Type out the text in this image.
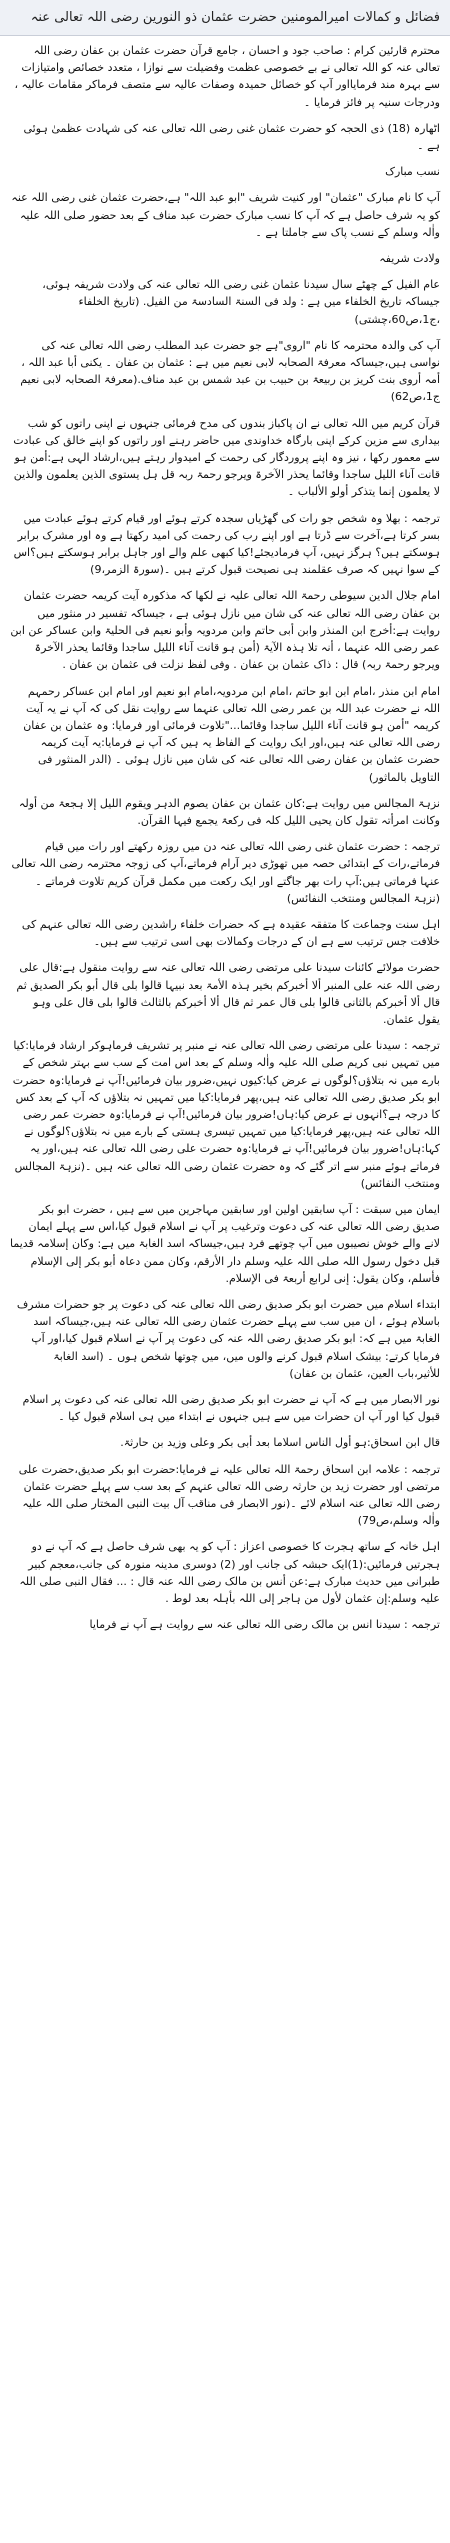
فضائل و کمالات امیرالمومنین حضرت عثمان ذو النورین رضی اللہ تعالی عنہ

محترم قارئین کرام : صاحب جود و احسان ، جامع قرآن حضرت عثمان بن عفان رضی اللہ تعالی عنہ کو اللہ تعالی نے بے خصوصی عظمت وفضیلت سے نوازا ، متعدد خصائص وامتیازات سے بہرہ مند فرمایااور آپ کو خصائل حمیدہ وصفات عالیہ سے متصف فرماکر مقامات عالیہ ، ودرجات سنیہ پر فائز فرمایا ۔

اٹھارہ (18) ذی الحجہ کو حضرت عثمان غنی رضی اللہ تعالی عنہ کی شہادت عظمیٰ ہوئی ہے ۔

نسب مبارک

آپ کا نام مبارک "عثمان" اور کنیت شریف "ابو عبد اللہ" ہے،حضرت عثمان غنی رضی اللہ عنہ کو یہ شرف حاصل ہے کہ آپ کا نسب مبارک حضرت عبد مناف کے بعد حضور صلی اللہ علیہ واٰلہ وسلم کے نسب پاک سے جاملتا ہے ۔

ولادت شریفہ

عام الفیل کے چھٹے سال سیدنا عثمان غنی رضی اللہ تعالی عنہ کی ولادت شریفہ ہوئی، جیساکہ تاریخ الخلفاء میں ہے : ولد فی السنۃ السادسۃ من الفیل. (تاریخ الخلفاء ،ج1،ص60،چشتی)

آپ کی والدہ محترمہ کا نام "اروی"ہے جو حضرت عبد المطلب رضی اللہ تعالی عنہ کی نواسی ہیں،جیساکہ معرفۃ الصحابہ لابی نعیم میں ہے : عثمان بن عفان ۔ یکنی أبا عبد اللہ ، أمہ أروی بنت کریز بن ربیعۃ بن حبیب بن عبد شمس بن عبد مناف.(معرفۃ الصحابہ لابی نعیم ج1،ص62)

قرآن کریم میں اللہ تعالی نے ان پاکباز بندوں کی مدح فرمائی جنہوں نے اپنی راتوں کو شب بیداری سے مزین کرکے اپنی بارگاہ خداوندی میں حاضر رہنے اور راتوں کو اپنے خالق کی عبادت سے معمور رکھا ، نیز وہ اپنے پروردگار کی رحمت کے امیدوار رہتے ہیں،ارشاد الہی ہے:أمن ہو قانت آناء اللیل ساجدا وقائما یحذر الآخرۃ ویرجو رحمۃ ربہ قل ہل یستوی الذین یعلمون والذین لا یعلمون إنما یتذکر أولو الألباب ۔

ترجمہ : بھلا وہ شخص جو رات کی گھڑیاں سجدہ کرتے ہوئے اور قیام کرتے ہوئے عبادت میں بسر کرتا ہے،آخرت سے ڈرتا ہے اور اپنے رب کی رحمت کی امید رکھتا ہے وہ اور مشرک برابر ہوسکتے ہیں؟ ہرگز نہیں، آپ فرمادیجئے!کیا کبھی علم والے اور جاہل برابر ہوسکتے ہیں؟اس کے سوا نہیں کہ صرف عقلمند ہی نصیحت قبول کرتے ہیں ۔(سورۃ الزمر،9)

امام جلال الدین سیوطی رحمۃ اللہ تعالی علیہ نے لکھا کہ مذکورہ آیت کریمہ حضرت عثمان بن عفان رضی اللہ تعالی عنہ کی شان میں نازل ہوئی ہے ، جیساکہ تفسیر در منثور میں روایت ہے:أخرج ابن المنذر وابن أبی حاتم وابن مردویہ وأبو نعیم فی الحلیۃ وابن عساکر عن ابن عمر رضی اللہ عنہما ، أنہ تلا ہذہ الآیۃ (أمن ہو قانت آناء اللیل ساجدا وقائما یحذر الآخرۃ ویرجو رحمۃ ربہ) قال : ذاک عثمان بن عفان . وفی لفظ نزلت فی عثمان بن عفان .

امام ابن منذر ،امام ابن ابو حاتم ،امام ابن مردویہ،امام ابو نعیم اور امام ابن عساکر رحمہم اللہ نے حضرت عبد اللہ بن عمر رضی اللہ تعالی عنہما سے روایت نقل کی کہ آپ نے یہ آیت کریمہ "أمن ہو قانت آناء اللیل ساجدا وقائما..."تلاوت فرمائی اور فرمایا: وہ عثمان بن عفان رضی اللہ تعالی عنہ ہیں،اور ایک روایت کے الفاظ یہ ہیں کہ آپ نے فرمایا:یہ آیت کریمہ حضرت عثمان بن عفان رضی اللہ تعالی عنہ کی شان میں نازل ہوئی ۔ (الدر المنثور فی التاویل بالماثور)

نزہۃ المجالس میں روایت ہے:کان عثمان بن عفان یصوم الدہر ویقوم اللیل إلا ہجعۃ من أولہ وکانت امرأتہ تقول کان یحیی اللیل کلہ فی رکعۃ یجمع فیہا القرآن.

ترجمہ : حضرت عثمان غنی رضی اللہ تعالی عنہ دن میں روزہ رکھتے اور رات میں قیام فرماتے،رات کے ابتدائی حصہ میں تھوڑی دیر آرام فرماتے،آپ کی زوجہ محترمہ رضی اللہ تعالی عنہا فرماتی ہیں:آپ رات بھر جاگتے اور ایک رکعت میں مکمل قرآن کریم تلاوت فرماتے ۔(نزہۃ المجالس ومنتخب النفائس)

اہل سنت وجماعت کا متفقہ عقیدہ ہے کہ حضرات خلفاء راشدین رضی اللہ تعالی عنہم کی خلافت جس ترتیب سے ہے ان کے درجات وکمالات بھی اسی ترتیب سے ہیں۔

حضرت مولائے کائنات سیدنا علی مرتضی رضی اللہ تعالی عنہ سے روایت منقول ہے:قال علی رضی اللہ عنہ علی المنبر ألا أخبرکم بخیر ہذہ الأمۃ بعد نبیہا قالوا بلی قال أبو بکر الصدیق ثم قال ألا أخبرکم بالثانی قالوا بلی قال عمر ثم قال ألا أخبرکم بالثالث قالوا بلی قال علی وہو یقول عثمان.

ترجمہ : سیدنا علی مرتضی رضی اللہ تعالی عنہ نے منبر پر تشریف فرماہوکر ارشاد فرمایا:کیا میں تمہیں نبی کریم صلی اللہ علیہ واٰلہ وسلم کے بعد اس امت کے سب سے بہتر شخص کے بارے میں نہ بتلاؤں؟لوگوں نے عرض کیا:کیوں نہیں،ضرور بیان فرمائیں!آپ نے فرمایا:وہ حضرت ابو بکر صدیق رضی اللہ تعالی عنہ ہیں،پھر فرمایا:کیا میں تمہیں نہ بتلاؤں کہ آپ کے بعد کس کا درجہ ہے؟انہوں نے عرض کیا:ہاں!ضرور بیان فرمائیں!آپ نے فرمایا:وہ حضرت عمر رضی اللہ تعالی عنہ ہیں،پھر فرمایا:کیا میں تمہیں تیسری ہستی کے بارے میں نہ بتلاؤں؟لوگوں نے کہا:ہاں!ضرور بیان فرمائیں!آپ نے فرمایا:وہ حضرت علی رضی اللہ تعالی عنہ ہیں،اور یہ فرماتے ہوئے منبر سے اتر گئے کہ وہ حضرت عثمان رضی اللہ تعالی عنہ ہیں ۔(نزہۃ المجالس ومنتخب النفائس)

ایمان میں سبقت : آپ سابقین اولین اور سابقین مہاجرین میں سے ہیں ، حضرت ابو بکر صدیق رضی اللہ تعالی عنہ کی دعوت وترغیب پر آپ نے اسلام قبول کیا،اس سے پہلے ایمان لانے والے خوش نصیبوں میں آپ چوتھے فرد ہیں،جیساکہ اسد الغابۃ میں ہے: وکان إسلامہ قدیما قبل دخول رسول اللہ صلی اللہ علیہ وسلم دار الأرقم، وکان ممن دعاہ أبو بکر إلی الإسلام فأسلم، وکان یقول: إنی لرابع أربعۃ فی الإسلام.

ابتداء اسلام میں حضرت ابو بکر صدیق رضی اللہ تعالی عنہ کی دعوت پر جو حضرات مشرف باسلام ہوئے ، ان میں سب سے پہلے حضرت عثمان رضی اللہ تعالی عنہ ہیں،جیساکہ اسد الغابۃ میں ہے کہ: ابو بکر صدیق رضی اللہ عنہ کی دعوت پر آپ نے اسلام قبول کیا،اور آپ فرمایا کرتے: بیشک اسلام قبول کرنے والوں میں، میں چوتھا شخص ہوں ۔ (اسد الغابۃ للأثیر،باب العین، عثمان بن عفان)

نور الابصار میں ہے کہ آپ نے حضرت ابو بکر صدیق رضی اللہ تعالی عنہ کی دعوت پر اسلام قبول کیا اور آپ ان حضرات میں سے ہیں جنہوں نے ابتداء میں ہی اسلام قبول کیا ۔

قال ابن اسحاق:ہو أول الناس اسلاما بعد أبی بکر وعلی وزید بن حارثۃ.

ترجمہ : علامہ ابن اسحاق رحمۃ اللہ تعالی علیہ نے فرمایا:حضرت ابو بکر صدیق،حضرت علی مرتضی اور حضرت زید بن حارثہ رضی اللہ تعالی عنہم کے بعد سب سے پہلے حضرت عثمان رضی اللہ تعالی عنہ اسلام لائے ۔(نور الابصار فی مناقب آل بیت النبی المختار صلی اللہ علیہ واٰلہ وسلم،ص79)

اہل خانہ کے ساتھ ہجرت کا خصوصی اعزاز : آپ کو یہ بھی شرف حاصل ہے کہ آپ نے دو ہجرتیں فرمائیں:(1)ایک حبشہ کی جانب اور (2) دوسری مدینہ منورہ کی جانب،معجم کبیر طبرانی میں حدیث مبارک ہے:عن أنس بن مالک رضی اللہ عنہ قال : ... فقال النبی صلی اللہ علیہ وسلم:إن عثمان لأول من ہاجر إلی اللہ بأہلہ بعد لوط .

ترجمہ : سیدنا انس بن مالک رضی اللہ تعالی عنہ سے روایت ہے آپ نے فرمایا
